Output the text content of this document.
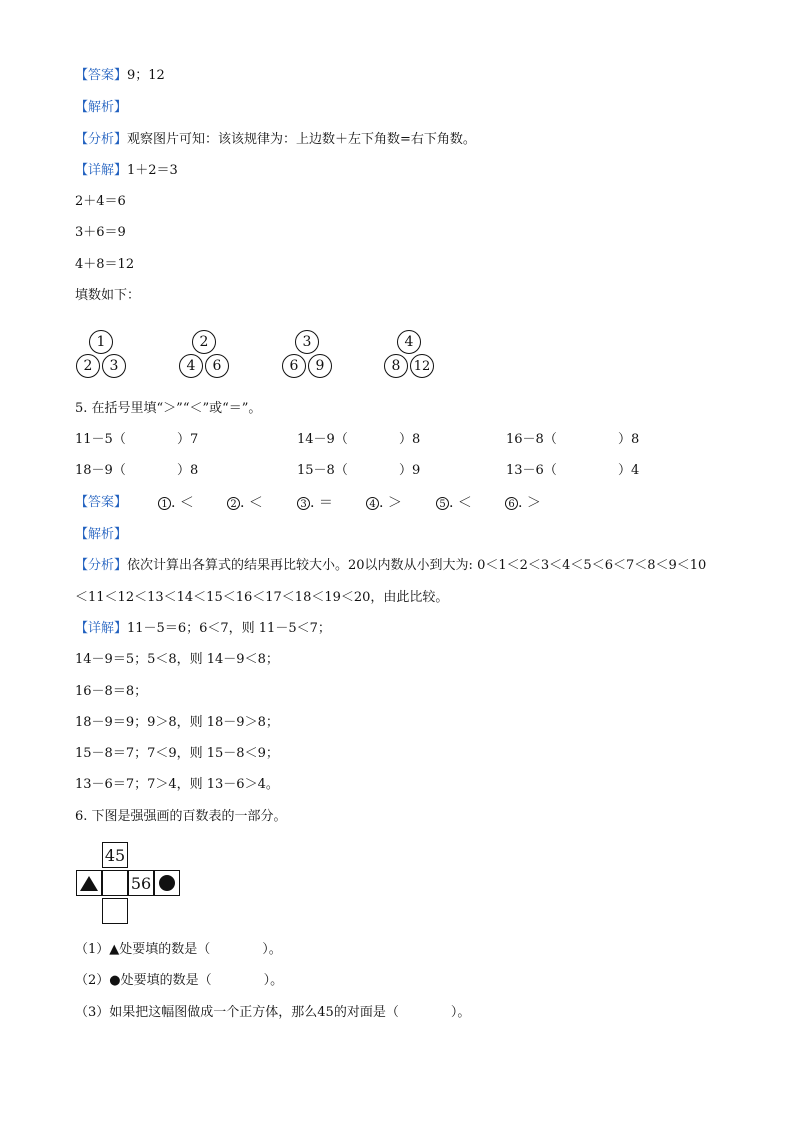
【答案】9；12
【解析】
【分析】观察图片可知：该该规律为：上边数＋左下角数=右下角数。
【详解】1＋2＝3
2＋4＝6
3＋6＝9
4＋8＝12
填数如下：
1
2	3
2
4	6
3
6	9
4
8	12
5. 在括号里填“＞”“＜”或“＝”。
11－5（	）7	14－9（	）8	16－8（	）8
18－9（	）8	15－8（	）9	13－6（	）4
【答案】	1 . ＜	2 . ＜	3 . ＝	4 . ＞	5 . ＜	6 . ＞
【解析】
【分析】依次计算出各算式的结果再比较大小。20以内数从小到大为: 0＜1＜2＜3＜4＜5＜6＜7＜8＜9＜10
＜11＜12＜13＜14＜15＜16＜17＜18＜19＜20，由此比较。
【详解】11－5＝6；6＜7，则 11－5＜7；
14－9＝5；5＜8，则 14－9＜8；
16－8＝8；
18－9＝9；9＞8，则 18－9＞8；
15－8＝7；7＜9，则 15－8＜9；
13－6＝7；7＞4，则 13－6＞4。
6. 下图是强强画的百数表的一部分。
45
56
（1）▲处要填的数是（　　　　）。
（2）●处要填的数是（　　　　）。
（3）如果把这幅图做成一个正方体，那么45的对面是（　　　　）。
